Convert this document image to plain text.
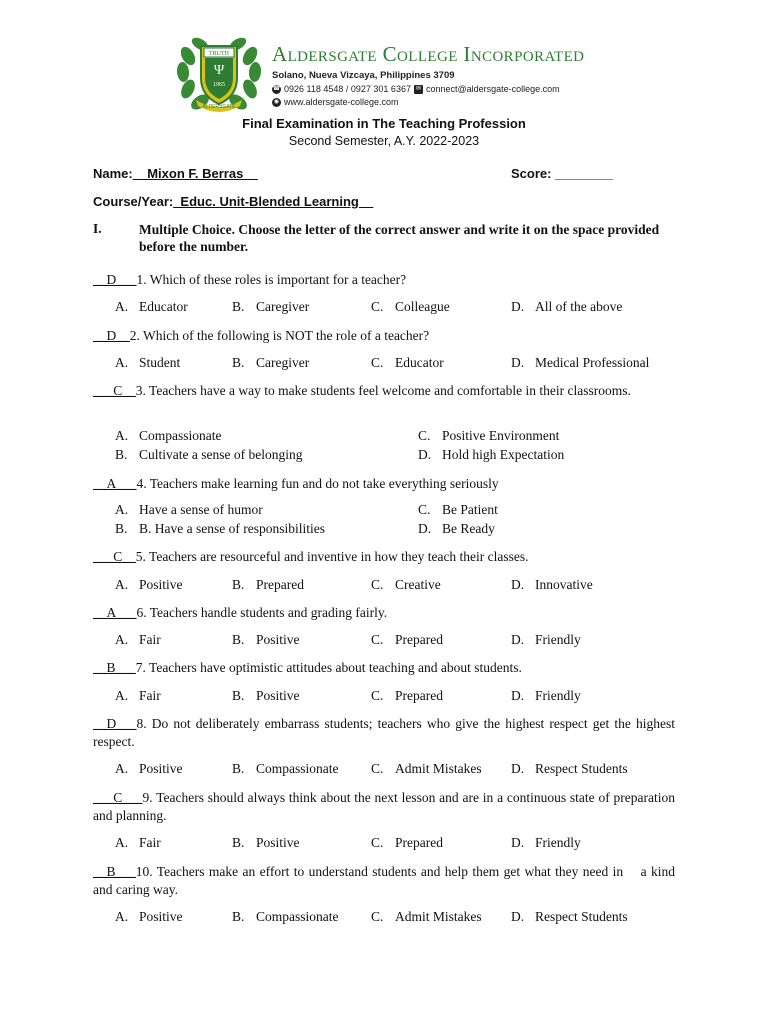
TRUTH
Ψ
1965
ALDERSGATE
Aldersgate College Incorporated
Solano, Nueva Vizcaya, Philippines 3709
☎ 0926 118 4548 / 0927 301 6367 ✉ connect@aldersgate-college.com
◉ www.aldersgate-college.com
Final Examination in The Teaching Profession
Second Semester, A.Y. 2022-2023
Name:__Mixon F. Berras__	Score: ________
Course/Year:_Educ. Unit-Blended Learning__
I.	Multiple Choice. Choose the letter of the correct answer and write it on the space provided before the number.
__D___1. Which of these roles is important for a teacher?
A. Educator	B. Caregiver	C. Colleague	D. All of the above
__D__2. Which of the following is NOT the role of a teacher?
A. Student	B. Caregiver	C. Educator	D. Medical Professional
___C__3. Teachers have a way to make students feel welcome and comfortable in their classrooms.
A. Compassionate	C. Positive Environment
B. Cultivate a sense of belonging	D. Hold high Expectation
__A___4. Teachers make learning fun and do not take everything seriously
A. Have a sense of humor	C. Be Patient
B. B. Have a sense of responsibilities	D. Be Ready
___C__5. Teachers are resourceful and inventive in how they teach their classes.
A. Positive	B. Prepared	C. Creative	D. Innovative
__A___6. Teachers handle students and grading fairly.
A. Fair	B. Positive	C. Prepared	D. Friendly
__B___7. Teachers have optimistic attitudes about teaching and about students.
A. Fair	B. Positive	C. Prepared	D. Friendly
__D___8. Do not deliberately embarrass students; teachers who give the highest respect get the highest respect.
A. Positive	B. Compassionate C. Admit Mistakes D. Respect Students
___C___9. Teachers should always think about the next lesson and are in a continuous state of preparation and planning.
A. Fair	B. Positive	C. Prepared	D. Friendly
__B___10. Teachers make an effort to understand students and help them get what they need in    a kind and caring way.
A. Positive	B. Compassionate C. Admit Mistakes D. Respect Students
